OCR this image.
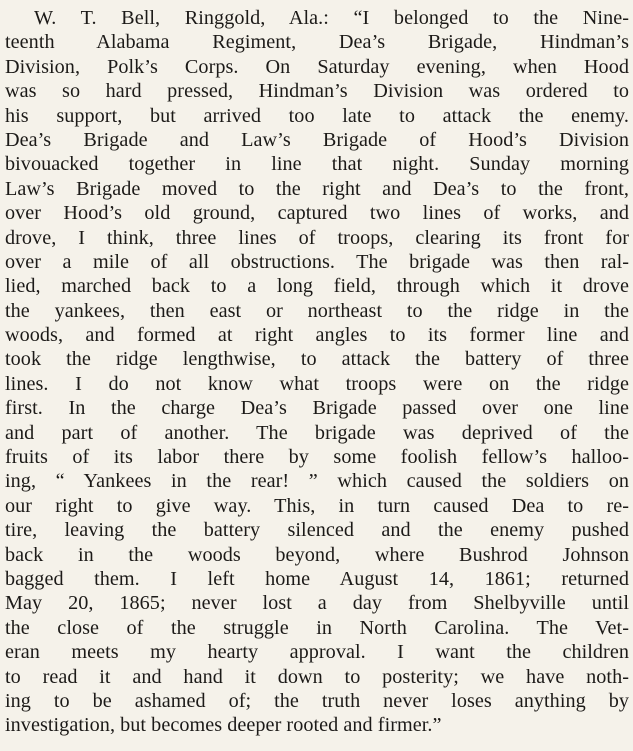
W. T. Bell, Ringgold, Ala.: “I belonged to the Nine-
teenth Alabama Regiment, Dea’s Brigade, Hindman’s
Division, Polk’s Corps. On Saturday evening, when Hood
was so hard pressed, Hindman’s Division was ordered to
his support, but arrived too late to attack the enemy.
Dea’s Brigade and Law’s Brigade of Hood’s Division
bivouacked together in line that night. Sunday morning
Law’s Brigade moved to the right and Dea’s to the front,
over Hood’s old ground, captured two lines of works, and
drove, I think, three lines of troops, clearing its front for
over a mile of all obstructions. The brigade was then ral-
lied, marched back to a long field, through which it drove
the yankees, then east or northeast to the ridge in the
woods, and formed at right angles to its former line and
took the ridge lengthwise, to attack the battery of three
lines. I do not know what troops were on the ridge
first. In the charge Dea’s Brigade passed over one line
and part of another. The brigade was deprived of the
fruits of its labor there by some foolish fellow’s halloo-
ing, “ Yankees in the rear! ” which caused the soldiers on
our right to give way. This, in turn caused Dea to re-
tire, leaving the battery silenced and the enemy pushed
back in the woods beyond, where Bushrod Johnson
bagged them. I left home August 14, 1861; returned
May 20, 1865; never lost a day from Shelbyville until
the close of the struggle in North Carolina. The Vet-
eran meets my hearty approval. I want the children
to read it and hand it down to posterity; we have noth-
ing to be ashamed of; the truth never loses anything by
investigation, but becomes deeper rooted and firmer.”
